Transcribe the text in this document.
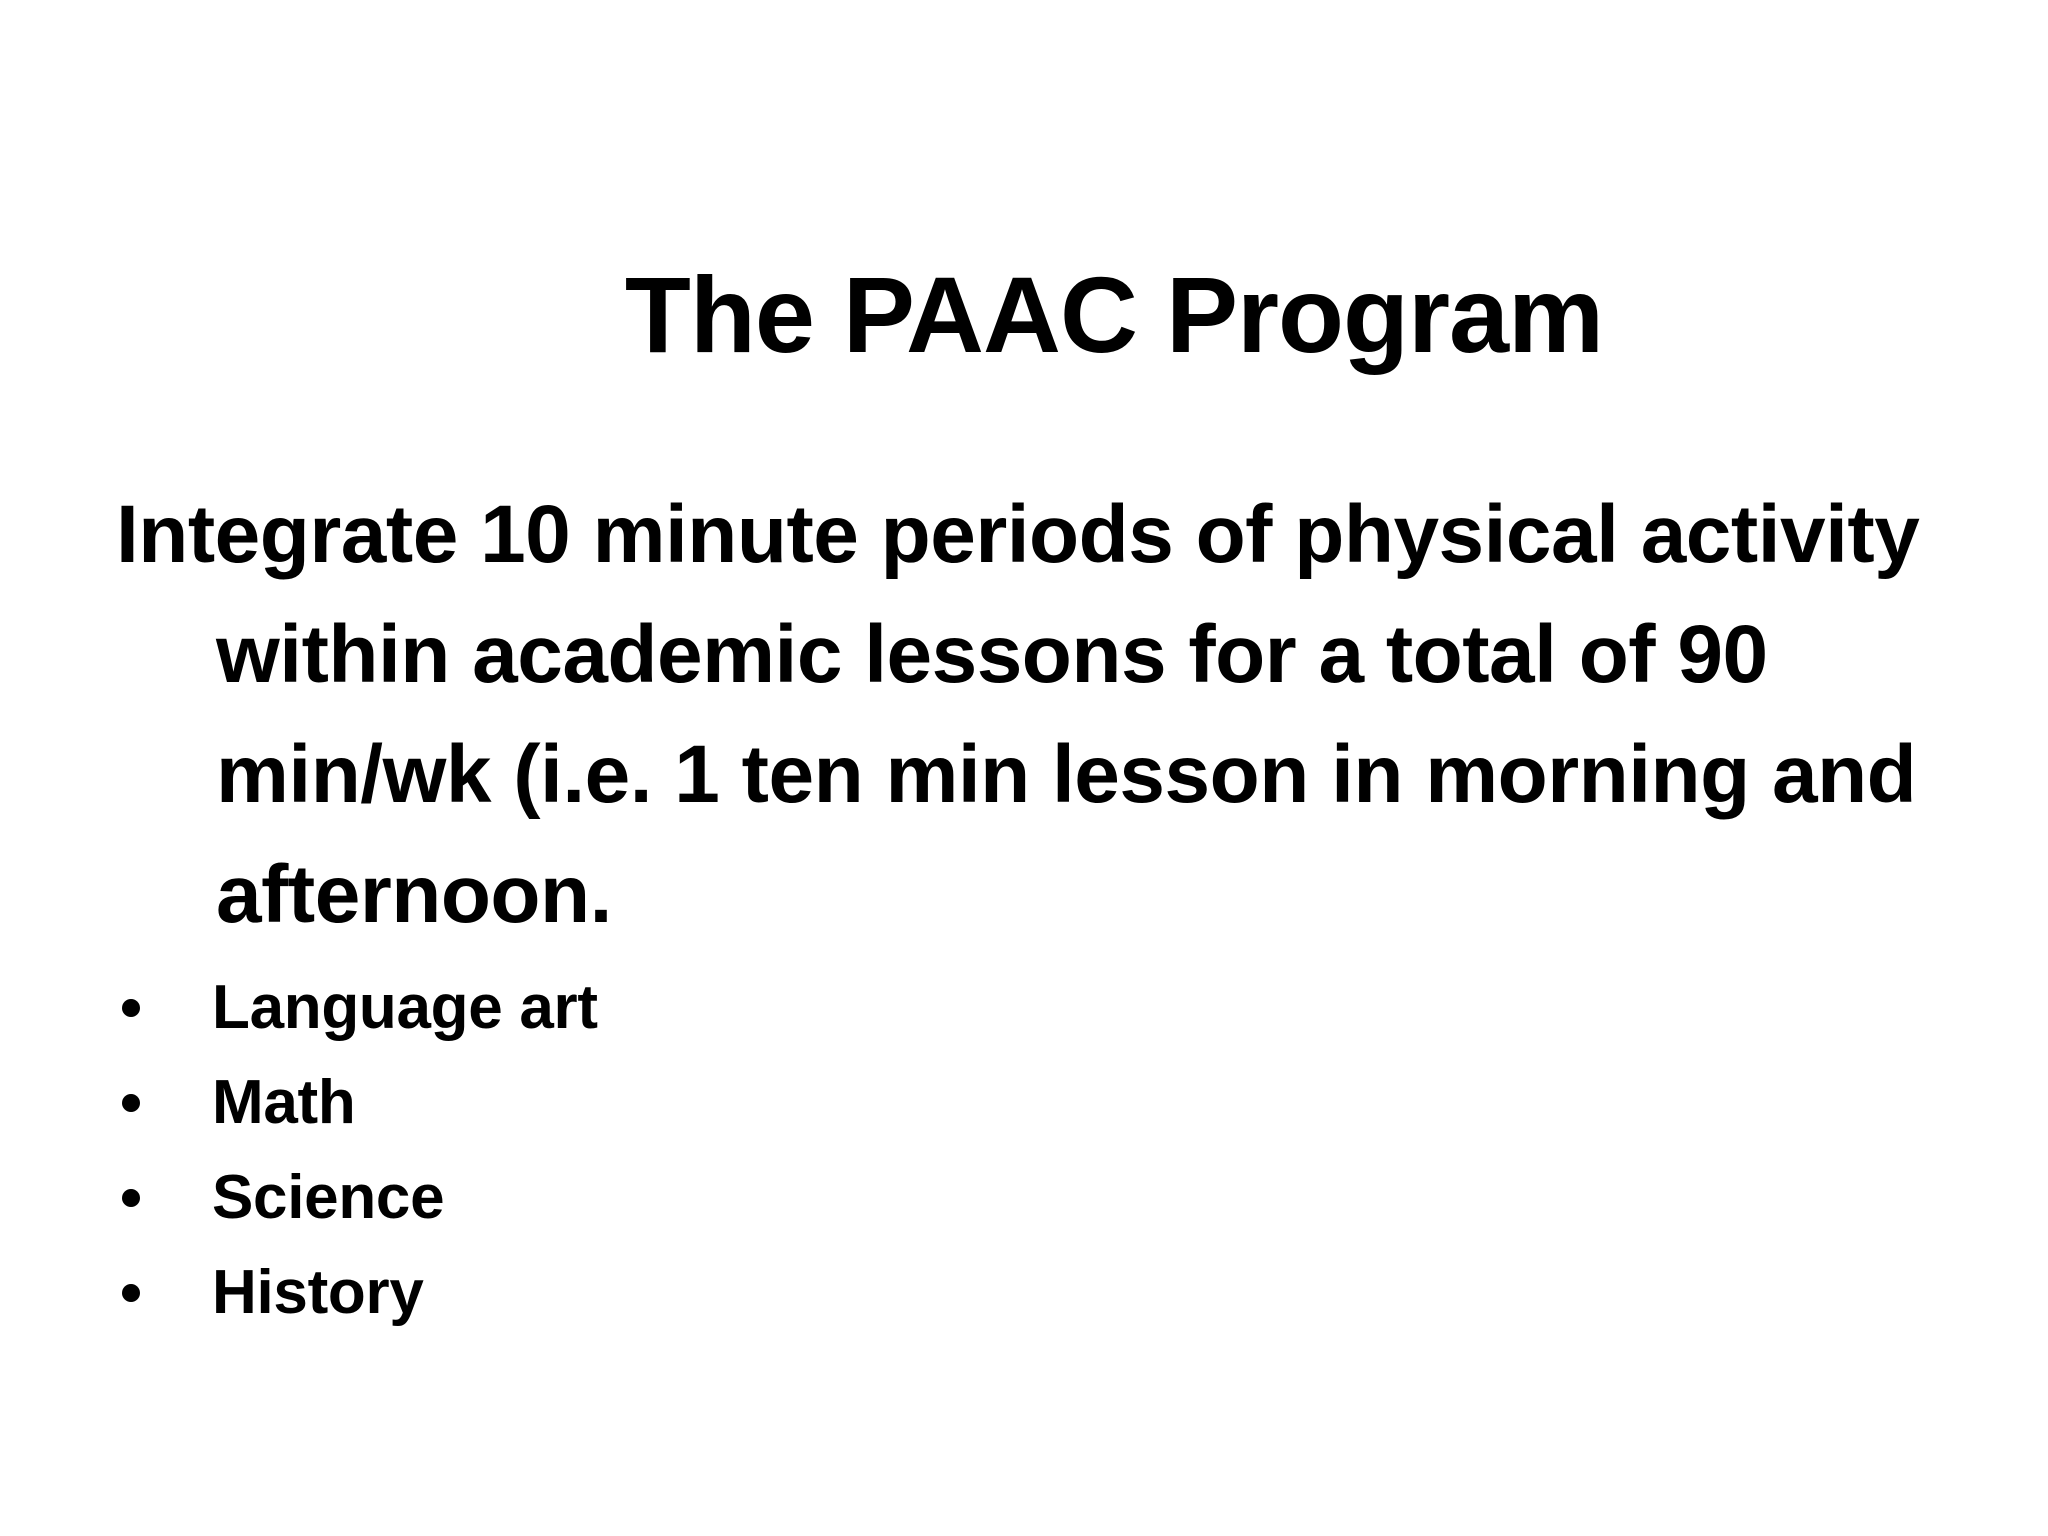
The PAAC Program
Integrate 10 minute periods of physical activity within academic lessons for a total of 90 min/wk (i.e. 1 ten min lesson in morning and afternoon.
Language art
Math
Science
History
